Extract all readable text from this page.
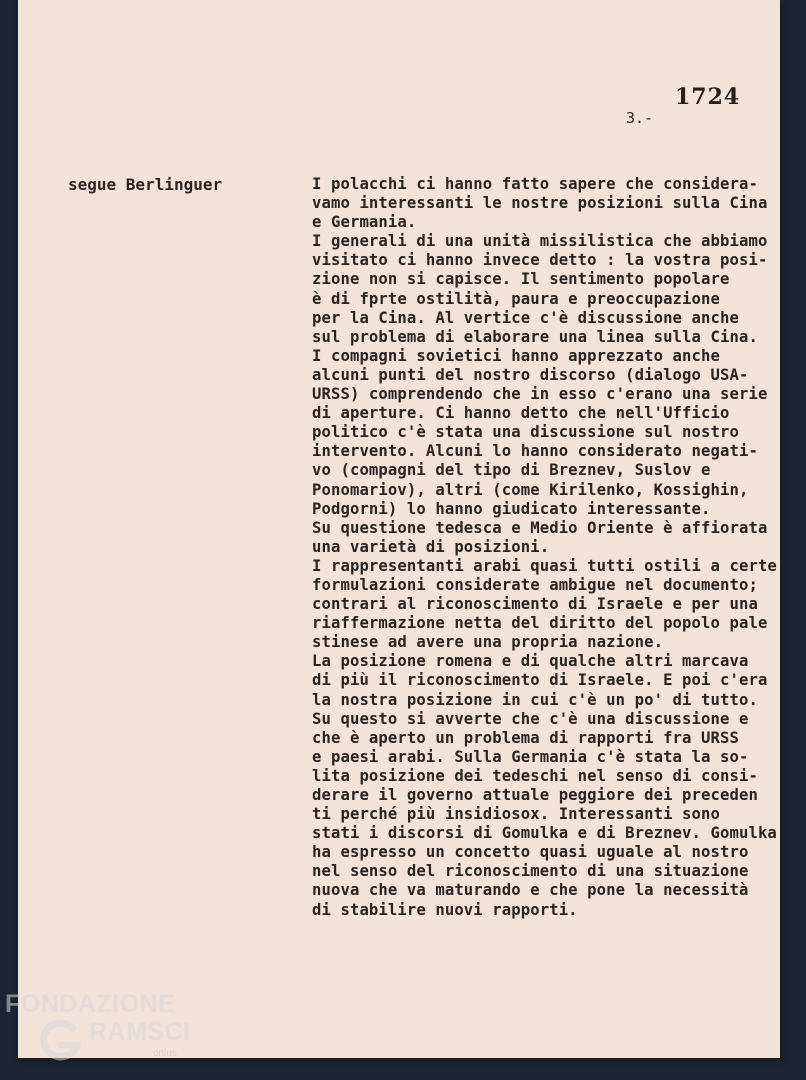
1724
3.-
segue Berlinguer	I polacchi ci hanno fatto sapere che considera-
vamo interessanti le nostre posizioni sulla Cina
e Germania.
I generali di una unità missilistica che abbiamo
visitato ci hanno invece detto : la vostra posi-
zione non si capisce. Il sentimento popolare
è di fprte ostilità, paura e preoccupazione
per la Cina. Al vertice c'è discussione anche
sul problema di elaborare una linea sulla Cina.
I compagni sovietici hanno apprezzato anche
alcuni punti del nostro discorso (dialogo USA-
URSS) comprendendo che in esso c'erano una serie
di aperture. Ci hanno detto che nell'Ufficio
politico c'è stata una discussione sul nostro
intervento. Alcuni lo hanno considerato negati-
vo (compagni del tipo di Breznev, Suslov e
Ponomariov), altri (come Kirilenko, Kossighin,
Podgorni) lo hanno giudicato interessante.
Su questione tedesca e Medio Oriente è affiorata
una varietà di posizioni.
I rappresentanti arabi quasi tutti ostili a certe
formulazioni considerate ambigue nel documento;
contrari al riconoscimento di Israele e per una
riaffermazione netta del diritto del popolo pale
stinese ad avere una propria nazione.
La posizione romena e di qualche altri marcava
di più il riconoscimento di Israele. E poi c'era
la nostra posizione in cui c'è un po' di tutto.
Su questo si avverte che c'è una discussione e
che è aperto un problema di rapporti fra URSS
e paesi arabi. Sulla Germania c'è stata la so-
lita posizione dei tedeschi nel senso di consi-
derare il governo attuale peggiore dei preceden
ti perché più insidiosox. Interessanti sono
stati i discorsi di Gomulka e di Breznev. Gomulka
ha espresso un concetto quasi uguale al nostro
nel senso del riconoscimento di una situazione
nuova che va maturando e che pone la necessità
di stabilire nuovi rapporti.
FONDAZIONE
RAMSCI
onlus
